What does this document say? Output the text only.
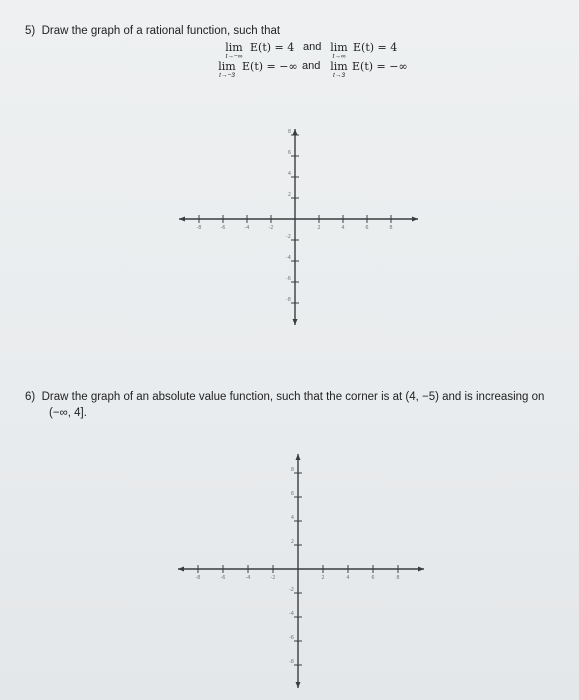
5) Draw the graph of a rational function, such that
lim
t→−∞
E(t) = 4 and lim
t→∞
E(t) = 4
lim
t→−3
E(t) = −∞ and lim
t→3
E(t) = −∞
-8	-6	-4	-2	2	4	6	8
8
6
4
2
-2
-4
-6
-8
6) Draw the graph of an absolute value function, such that the corner is at (4, −5) and is increasing on
(−∞, 4].
-8	-6	-4	-2	2	4	6	8
8
6
4
2
-2
-4
-6
-8
